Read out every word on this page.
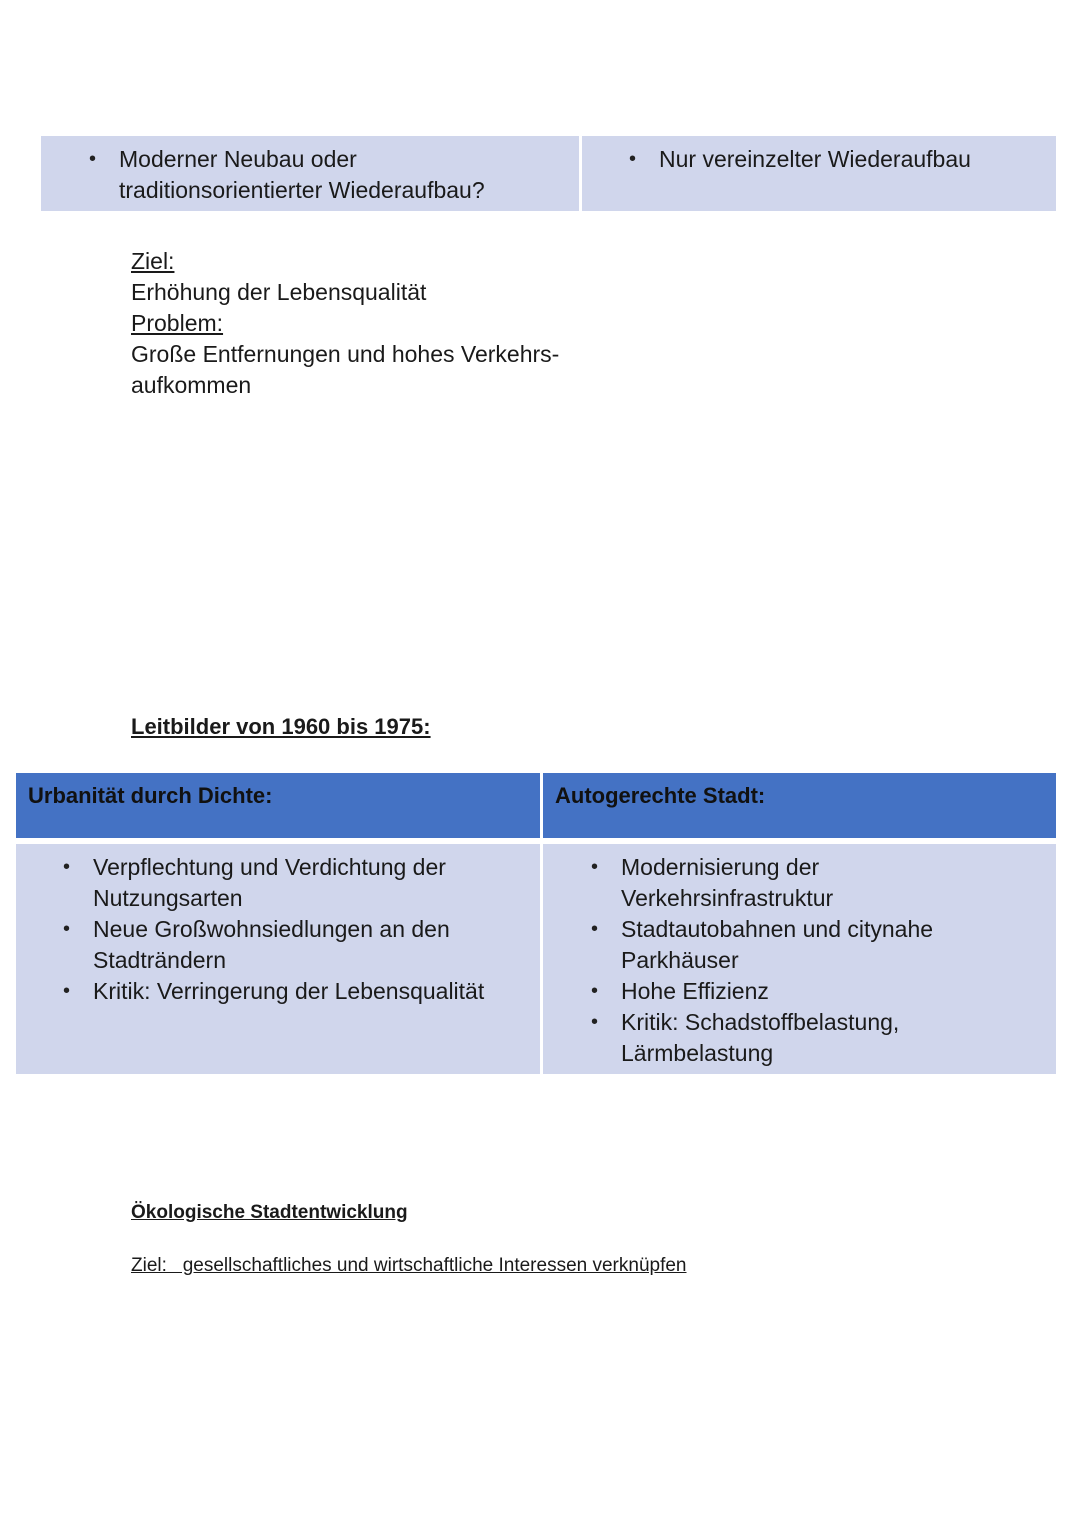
• Moderner Neubau oder traditionsorientierter Wiederaufbau?
• Nur vereinzelter Wiederaufbau
Ziel:
Erhöhung der Lebensqualität
Problem:
Große Entfernungen und hohes Verkehrs-
aufkommen
Leitbilder von 1960 bis 1975:
Urbanität durch Dichte:	Autogerechte Stadt:
• Verpflechtung und Verdichtung der Nutzungsarten
• Neue Großwohnsiedlungen an den Stadträndern
• Kritik: Verringerung der Lebensqualität
• Modernisierung der Verkehrsinfrastruktur
• Stadtautobahnen und citynahe Parkhäuser
• Hohe Effizienz
• Kritik: Schadstoffbelastung, Lärmbelastung
Ökologische Stadtentwicklung
Ziel:   gesellschaftliches und wirtschaftliche Interessen verknüpfen
